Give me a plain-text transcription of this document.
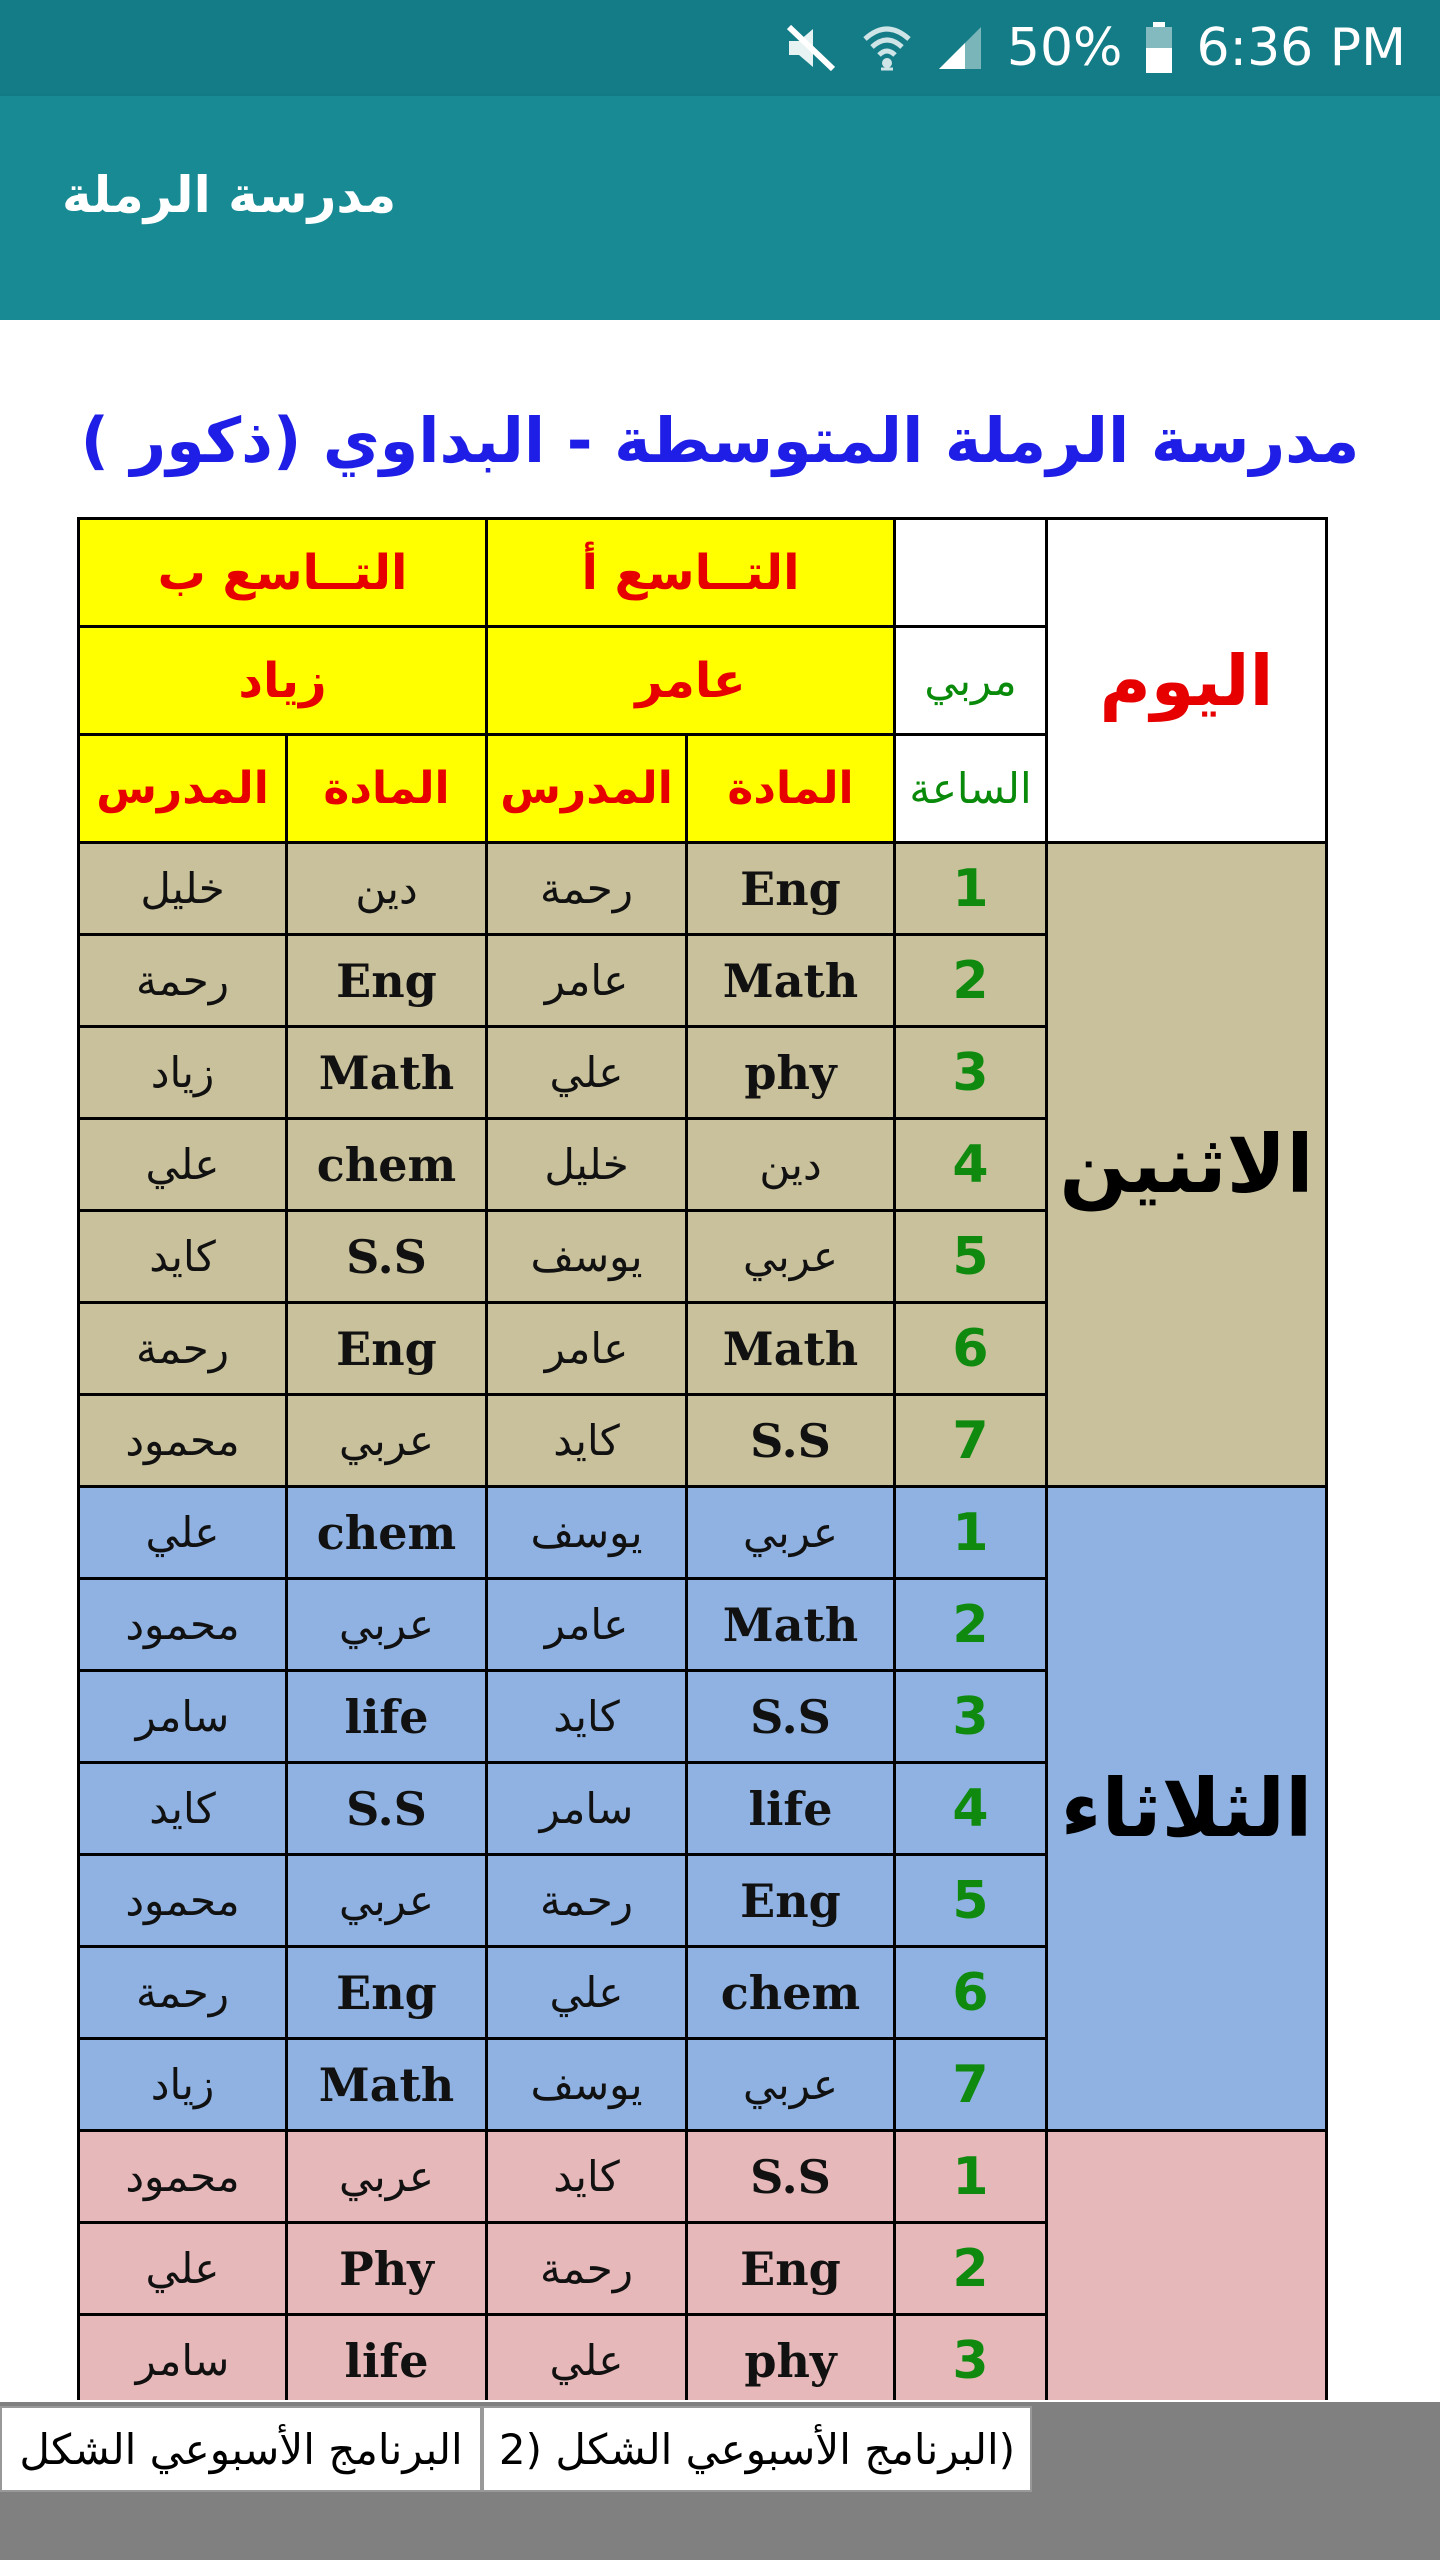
50% 6:36 PM
مدرسة الرملة
مدرسة الرملة المتوسطة - البداوي (ذكور )
اليوم		التــاسع أ		التــاسع ب	
	مربي	عامر		زياد	
	الساعة	المادة	المدرس	المادة	المدرس
الاثنين	1	Eng	رحمة	دين	خليل
	2	Math	عامر	Eng	رحمة
	3	phy	علي	Math	زياد
	4	دين	خليل	chem	علي
	5	عربي	يوسف	S.S	كايد
	6	Math	عامر	Eng	رحمة
	7	S.S	كايد	عربي	محمود
الثلاثاء	1	عربي	يوسف	chem	علي
	2	Math	عامر	عربي	محمود
	3	S.S	كايد	life	سامر
	4	life	سامر	S.S	كايد
	5	Eng	رحمة	عربي	محمود
	6	chem	علي	Eng	رحمة
	7	عربي	يوسف	Math	زياد
	1	S.S	كايد	عربي	محمود
	2	Eng	رحمة	Phy	علي
	3	phy	علي	life	سامر
البرنامج الأسبوعي الشكل (البرنامج الأسبوعي الشكل (2
